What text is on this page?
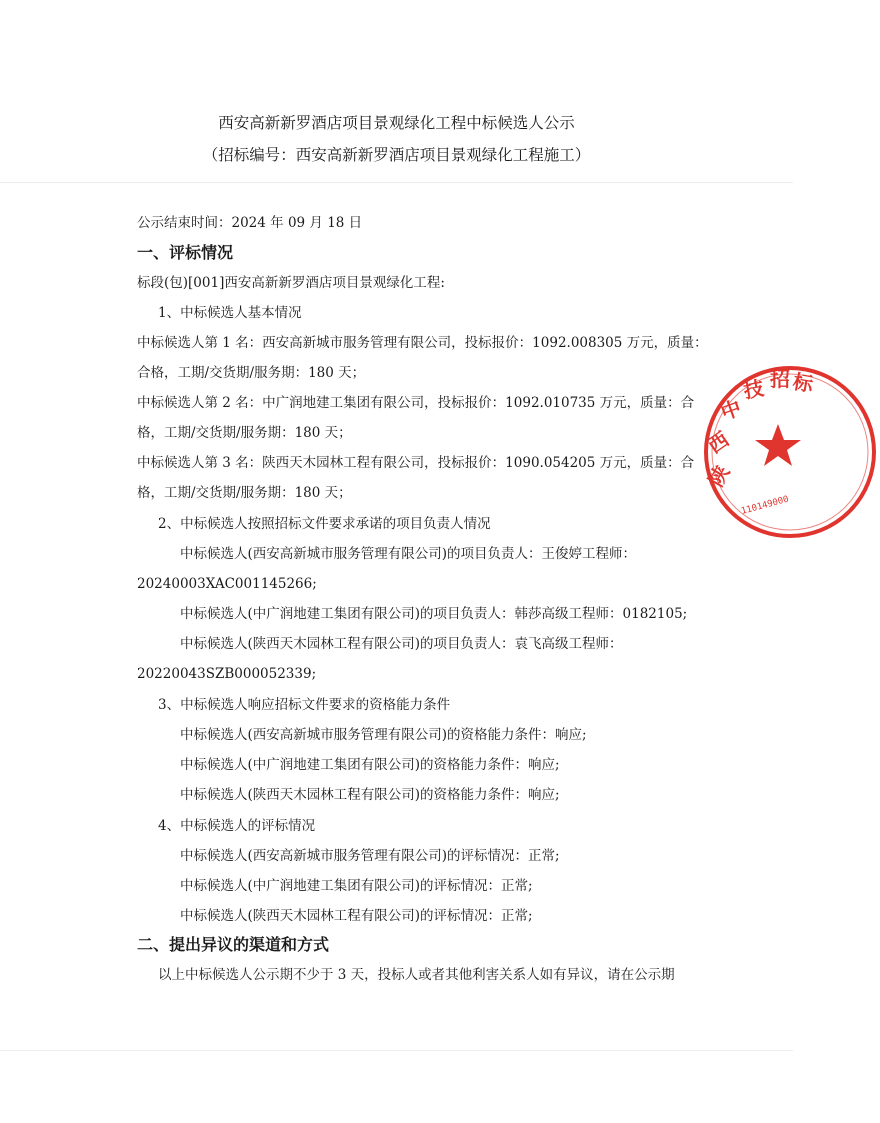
西安高新新罗酒店项目景观绿化工程中标候选人公示
（招标编号：西安高新新罗酒店项目景观绿化工程施工）
公示结束时间：2024 年 09 月 18 日
一、评标情况
标段(包)[001]西安高新新罗酒店项目景观绿化工程:
1、中标候选人基本情况
中标候选人第 1 名：西安高新城市服务管理有限公司，投标报价：1092.008305 万元，质量：
合格，工期/交货期/服务期：180 天；
中标候选人第 2 名：中广润地建工集团有限公司，投标报价：1092.010735 万元，质量：合
格，工期/交货期/服务期：180 天；
中标候选人第 3 名：陕西天木园林工程有限公司，投标报价：1090.054205 万元，质量：合
格，工期/交货期/服务期：180 天；
2、中标候选人按照招标文件要求承诺的项目负责人情况
中标候选人(西安高新城市服务管理有限公司)的项目负责人：王俊婷工程师：
20240003XAC001145266;
中标候选人(中广润地建工集团有限公司)的项目负责人：韩莎高级工程师：0182105;
中标候选人(陕西天木园林工程有限公司)的项目负责人：袁飞高级工程师：
20220043SZB000052339;
3、中标候选人响应招标文件要求的资格能力条件
中标候选人(西安高新城市服务管理有限公司)的资格能力条件：响应;
中标候选人(中广润地建工集团有限公司)的资格能力条件：响应;
中标候选人(陕西天木园林工程有限公司)的资格能力条件：响应;
4、中标候选人的评标情况
中标候选人(西安高新城市服务管理有限公司)的评标情况：正常;
中标候选人(中广润地建工集团有限公司)的评标情况：正常;
中标候选人(陕西天木园林工程有限公司)的评标情况：正常;
二、提出异议的渠道和方式
以上中标候选人公示期不少于 3 天，投标人或者其他利害关系人如有异议，请在公示期
陕
西
中
技 招 标
110149000
